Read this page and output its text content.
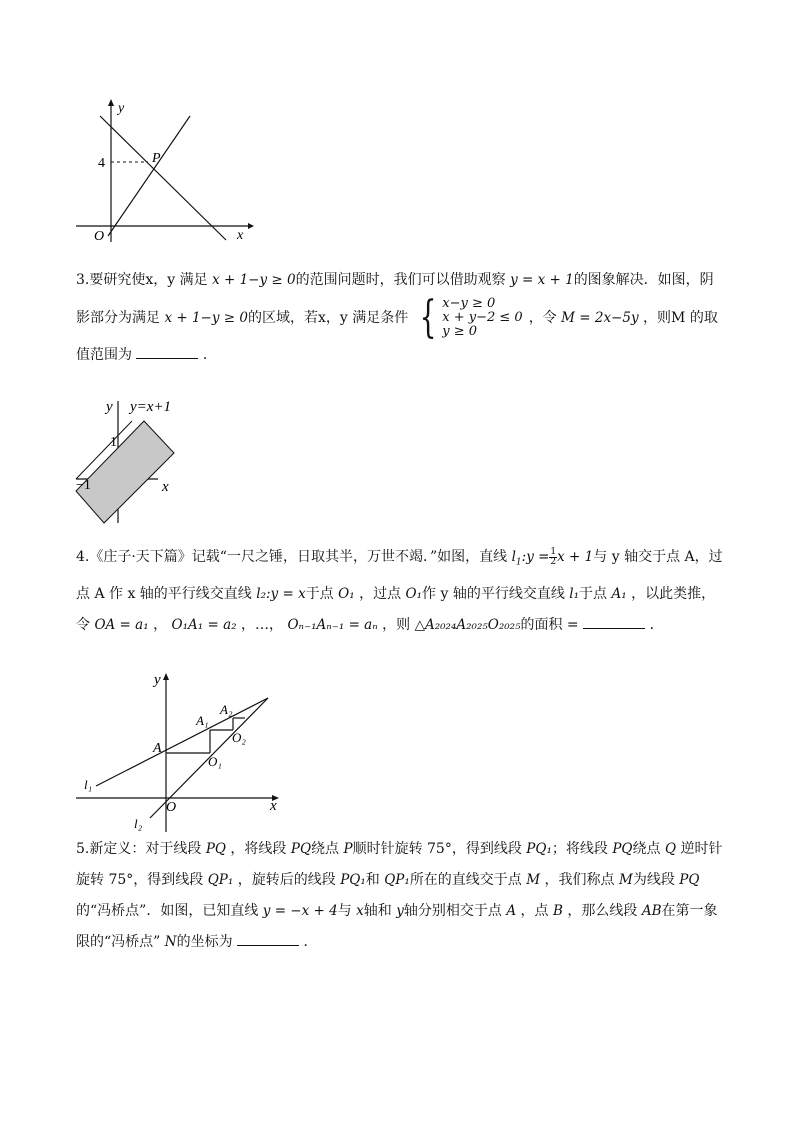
y
x
O
P
4

3.要研究使x，y 满足 x + 1−y ≥ 0的范围问题时，我们可以借助观察 y = x + 1的图象解决．如图，阴影部分为满足 x + 1−y ≥ 0的区域，若x，y 满足条件 { x−y ≥ 0
x + y−2 ≤ 0
y ≥ 0
，令 M = 2x−5y ，则M 的取值范围为	．

y y=x+1
1
−1	x

4.《庄子·天下篇》记载“一尺之锤，日取其半，万世不竭．”如图，直线 $l_1:y = \frac{1}{2}$ x + 1与 y 轴交于点 A，过点 A 作 x 轴的平行线交直线 l₂:y = x于点 O₁ ，过点 O₁作 y 轴的平行线交直线 l₁于点 A₁ ，以此类推，令 OA = a₁ ， O₁A₁ = a₂ ，…， Oₙ₋₁Aₙ₋₁ = aₙ ，则 △A₂₀₂₄A₂₀₂₅O₂₀₂₅的面积 =	．

y
x
O
A
A₁
A₂
O₁
O₂
l₁
l₂

5.新定义：对于线段 PQ ，将线段 PQ绕点 P顺时针旋转 75°，得到线段 PQ₁；将线段 PQ绕点 Q 逆时针旋转 75°，得到线段 QP₁ ，旋转后的线段 PQ₁和 QP₁所在的直线交于点 M ，我们称点 M为线段 PQ的“冯桥点”．如图，已知直线 y = −x + 4与 x轴和 y轴分别相交于点 A ，点 B ，那么线段 AB在第一象限的“冯桥点” N的坐标为	．
